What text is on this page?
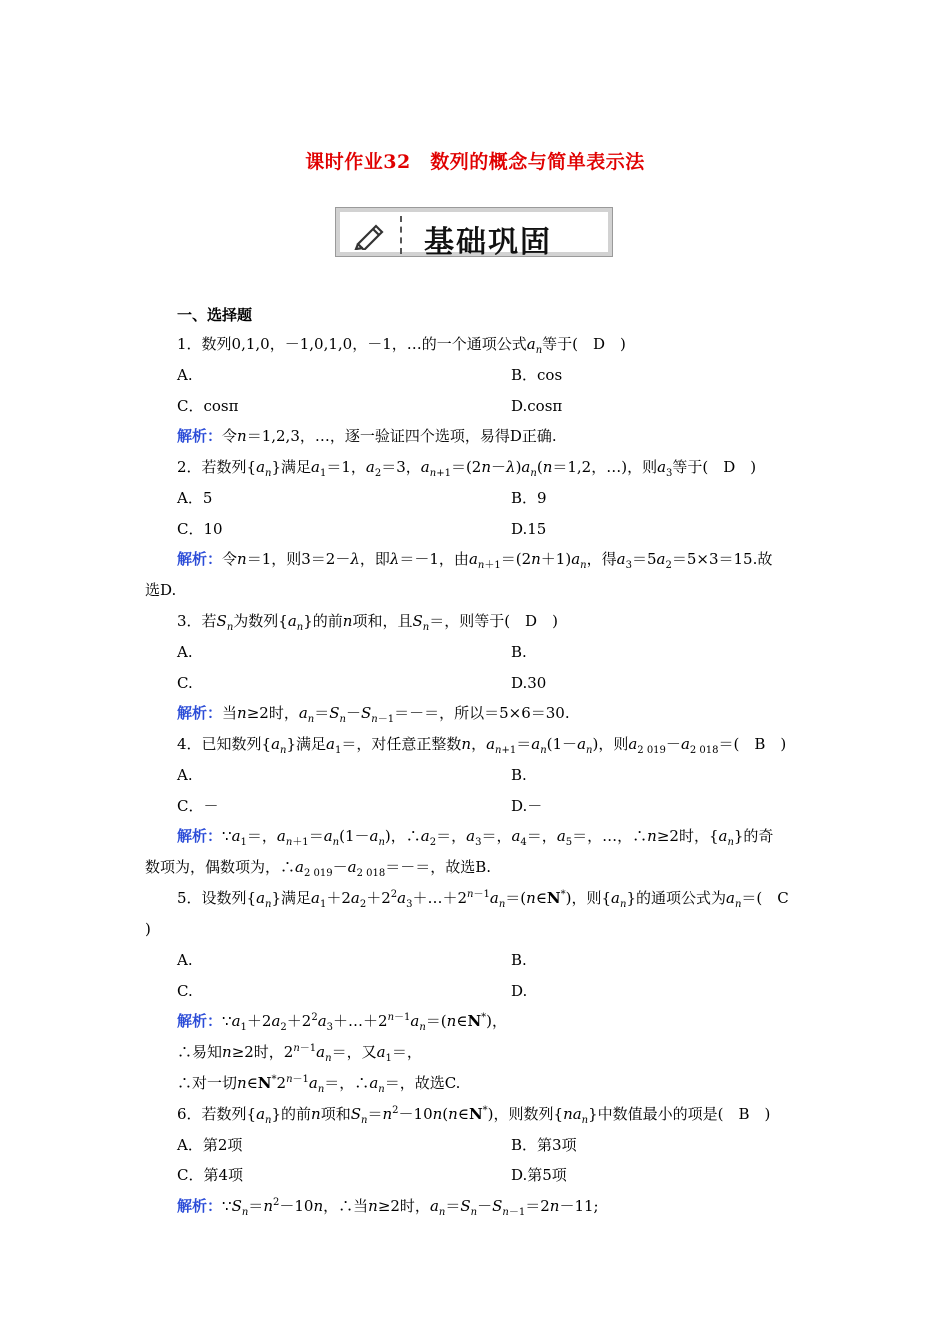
课时作业32　数列的概念与简单表示法
基础巩固
一、选择题
1．数列0,1,0，－1,0,1,0，－1，…的一个通项公式$a_n$等于(　D　)
A.	B．cos
C．cosπ	D.cosπ
解析：令n＝1,2,3，…，逐一验证四个选项，易得D正确.
2．若数列$\{a_n\}$满足$a_1=1$，$a_2=3$，$a_{n+1}=(2n-\lambda)a_n(n=1,2$，…)，则$a_3$等于(　D　)
A．5	B．9
C．10	D.15
解析：令n＝1，则3＝2－λ，即λ＝－1，由$a_{n+1}=(2n+1)a_n$，得$a_3=5a_2=5\times 3=15$.故
选D.
3．若$S_n$为数列$\{a_n\}$的前n项和，且$S_n=$，则等于(　D　)
A.	B.
C.	D.30
解析：当n≥2时，$a_n=S_n-S_{n-1}=-=$，所以＝5×6＝30.
4．已知数列$\{a_n\}$满足$a_1=$，对任意正整数n，$a_{n+1}=a_n(1-a_n)$，则$a_{2 019}-a_{2 018}=$(　B　)
A.	B.
C．－	D.－
解析：$\because a_1=$，$a_{n+1}=a_n(1-a_n)$，$\therefore a_2=$，$a_3=$，$a_4=$，$a_5=$，…，∴n≥2时，$\{a_n\}$的奇
数项为，偶数项为，$\therefore a_{2 019}-a_{2 018}=-=$，故选B.
5．设数列$\{a_n\}$满足$a_1+2a_2+2^2a_3+\dots+2^{n-1}a_n=(n\in N^*)$，则$\{a_n\}$的通项公式为$a_n=$(　C
)
A.	B.
C.	D.
解析：$\because a_1+2a_2+2^2a_3+\dots+2^{n-1}a_n=(n\in N^*)$，
∴易知n≥2时，$2^{n-1}a_n=$，又$a_1=$，
∴对一切$n\in N^*2^{n-1}a_n=$，$\therefore a_n=$，故选C.
6．若数列$\{a_n\}$的前n项和$S_n=n^2-10n(n\in N^*)$，则数列$\{na_n\}$中数值最小的项是(　B　)
A．第2项	B．第3项
C．第4项	D.第5项
解析：$\because S_n=n^2-10n$，∴当n≥2时，$a_n=S_n-S_{n-1}=2n-11$;
